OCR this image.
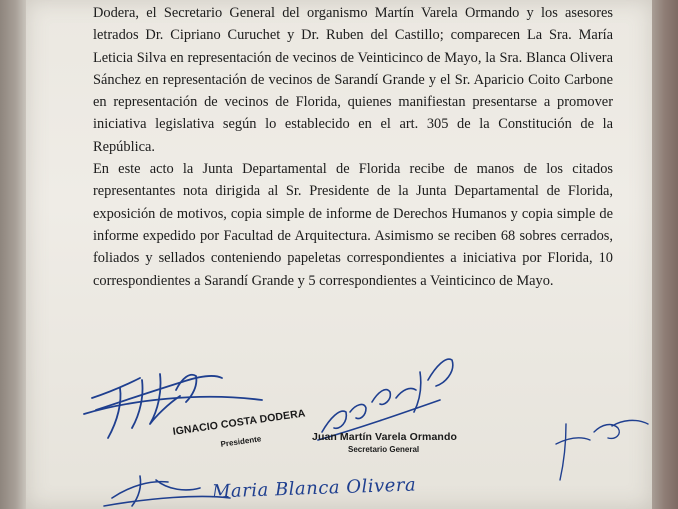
Dodera, el Secretario General del organismo Martín Varela Ormando y los asesores letrados Dr. Cipriano Curuchet y Dr. Ruben del Castillo; comparecen La Sra. María Leticia Silva en representación de vecinos de Veinticinco de Mayo, la Sra. Blanca Olivera Sánchez en representación de vecinos de Sarandí Grande y el Sr. Aparicio Coito Carbone en representación de vecinos de Florida, quienes manifiestan presentarse a promover iniciativa legislativa según lo establecido en el art. 305 de la Constitución de la República.

En este acto la Junta Departamental de Florida recibe de manos de los citados representantes nota dirigida al Sr. Presidente de la Junta Departamental de Florida, exposición de motivos, copia simple de informe de Derechos Humanos y copia simple de informe expedido por Facultad de Arquitectura. Asimismo se reciben 68 sobres cerrados, foliados y sellados conteniendo papeletas correspondientes a iniciativa por Florida, 10 correspondientes a Sarandí Grande y 5 correspondientes a Veinticinco de Mayo.

IGNACIO COSTA DODERA
Presidente	Juan Martín Varela Ormando
Secretario General
Maria Blanca Olivera
